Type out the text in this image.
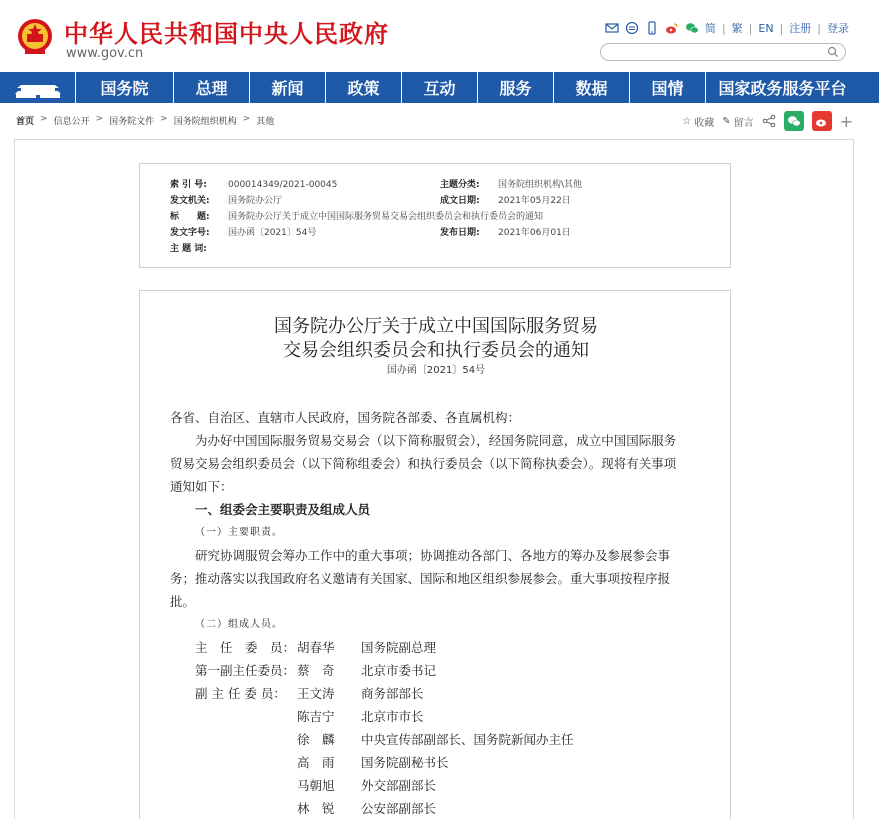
中华人民共和国中央人民政府
www.gov.cn
简 | 繁 | EN | 注册 | 登录
国务院	总理	新闻	政策	互动	服务	数据	国情	国家政务服务平台
首页 > 信息公开 > 国务院文件 > 国务院组织机构 > 其他	☆ 收藏 ✎ 留言	+
索 引 号: 000014349/2021-00045	主题分类: 国务院组织机构\其他
发文机关: 国务院办公厅	成文日期: 2021年05月22日
标　　题: 国务院办公厅关于成立中国国际服务贸易交易会组织委员会和执行委员会的通知
发文字号: 国办函〔2021〕54号	发布日期: 2021年06月01日
主 题 词:
国务院办公厅关于成立中国国际服务贸易
交易会组织委员会和执行委员会的通知
国办函〔2021〕54号
各省、自治区、直辖市人民政府，国务院各部委、各直属机构：
为办好中国国际服务贸易交易会（以下简称服贸会），经国务院同意，成立中国国际服务
贸易交易会组织委员会（以下简称组委会）和执行委员会（以下简称执委会）。现将有关事项
通知如下：
一、组委会主要职责及组成人员
（一）主要职责。
研究协调服贸会筹办工作中的重大事项；协调推动各部门、各地方的筹办及参展参会事
务；推动落实以我国政府名义邀请有关国家、国际和地区组织参展参会。重大事项按程序报
批。
（二）组成人员。
主　任　委　员： 胡春华 国务院副总理
第一副主任委员： 蔡　奇 北京市委书记
副 主 任 委 员： 王文涛 商务部部长
陈吉宁 北京市市长
徐　麟 中央宣传部副部长、国务院新闻办主任
高　雨 国务院副秘书长
马朝旭 外交部副部长
林　锐 公安部副部长
